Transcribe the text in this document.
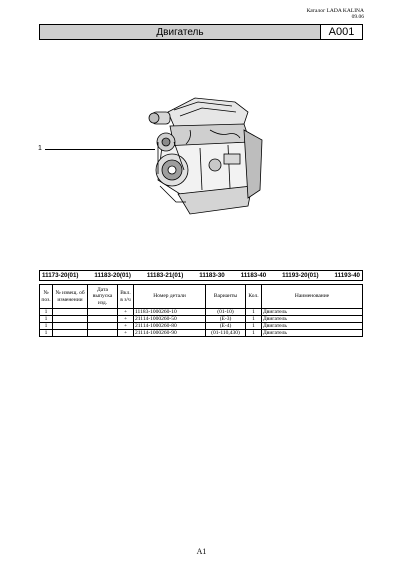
Каталог LADA KALINA
09.06
Двигатель	A001
1
11173-20(01)	11183-20(01)	11183-21(01)	11183-30	11183-40	11193-20(01)	11193-40
№ поз.	№ извещ. об изменении	Дата выпуска изд.	Вкл. в з/ч	Номер детали	Варианты	Кол.	Наименование
1			+	11183-1000260-10	(01-10)	1	Двигатель
1			+	21114-1000260-50	(E-3)	1	Двигатель
1			+	21114-1000260-80	(E-4)	1	Двигатель
1			+	21114-1000260-90	(01-110,430)	1	Двигатель
A1
